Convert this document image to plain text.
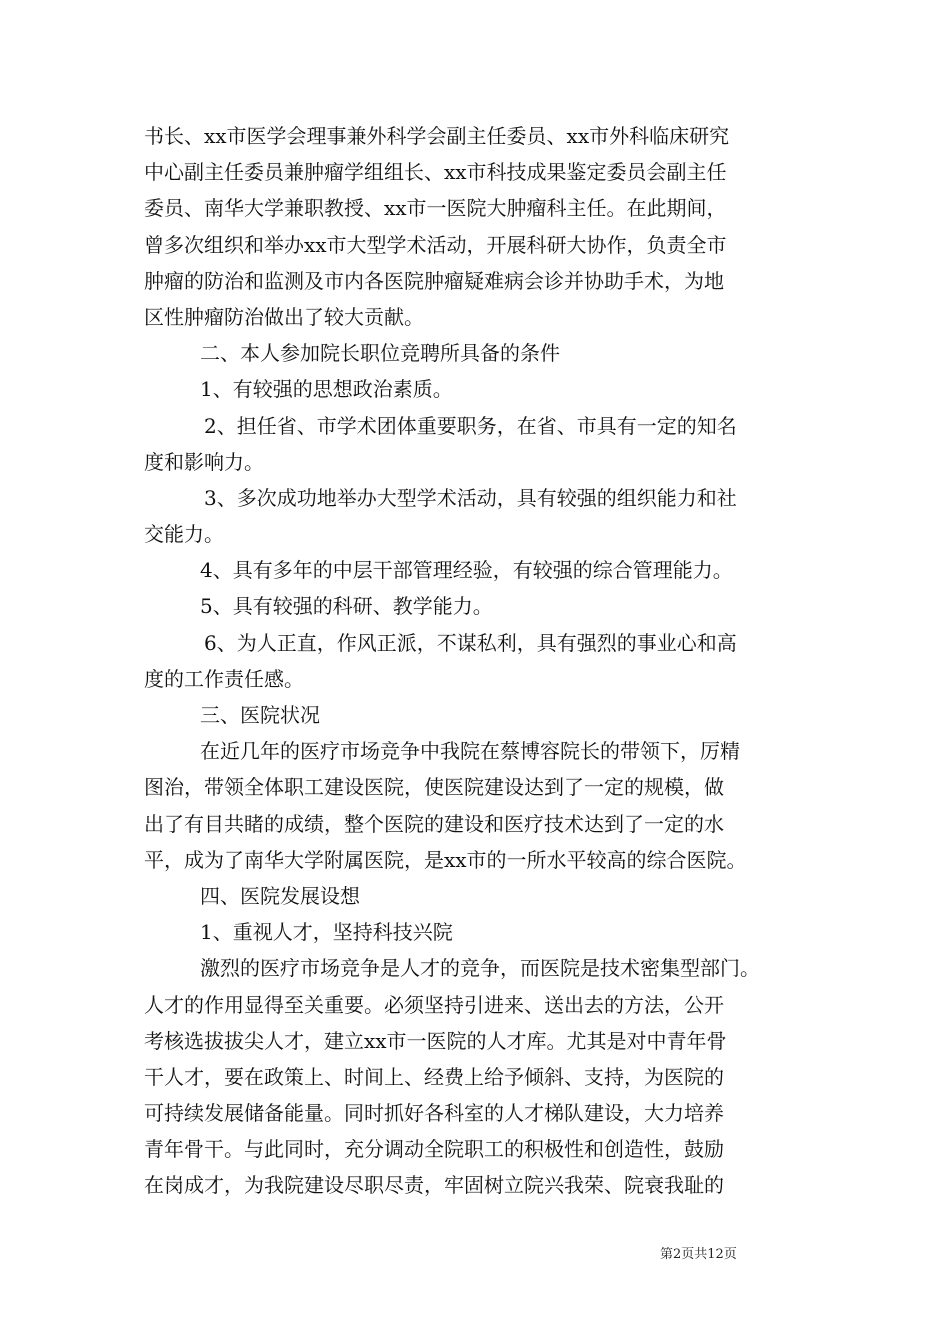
书长、xx市医学会理事兼外科学会副主任委员、xx市外科临床研究
中心副主任委员兼肿瘤学组组长、xx市科技成果鉴定委员会副主任
委员、南华大学兼职教授、xx市一医院大肿瘤科主任。在此期间，
曾多次组织和举办xx市大型学术活动，开展科研大协作，负责全市
肿瘤的防治和监测及市内各医院肿瘤疑难病会诊并协助手术，为地
区性肿瘤防治做出了较大贡献。
二、本人参加院长职位竞聘所具备的条件
1、有较强的思想政治素质。
2、担任省、市学术团体重要职务，在省、市具有一定的知名
度和影响力。
3、多次成功地举办大型学术活动，具有较强的组织能力和社
交能力。
4、具有多年的中层干部管理经验，有较强的综合管理能力。
5、具有较强的科研、教学能力。
6、为人正直，作风正派，不谋私利，具有强烈的事业心和高
度的工作责任感。
三、医院状况
在近几年的医疗市场竞争中我院在蔡博容院长的带领下，厉精
图治，带领全体职工建设医院，使医院建设达到了一定的规模，做
出了有目共睹的成绩，整个医院的建设和医疗技术达到了一定的水
平，成为了南华大学附属医院，是xx市的一所水平较高的综合医院。
四、医院发展设想
1、重视人才，坚持科技兴院
激烈的医疗市场竞争是人才的竞争，而医院是技术密集型部门。
人才的作用显得至关重要。必须坚持引进来、送出去的方法，公开
考核选拔拔尖人才，建立xx市一医院的人才库。尤其是对中青年骨
干人才，要在政策上、时间上、经费上给予倾斜、支持，为医院的
可持续发展储备能量。同时抓好各科室的人才梯队建设，大力培养
青年骨干。与此同时，充分调动全院职工的积极性和创造性，鼓励
在岗成才，为我院建设尽职尽责，牢固树立院兴我荣、院衰我耻的
第2页共12页
